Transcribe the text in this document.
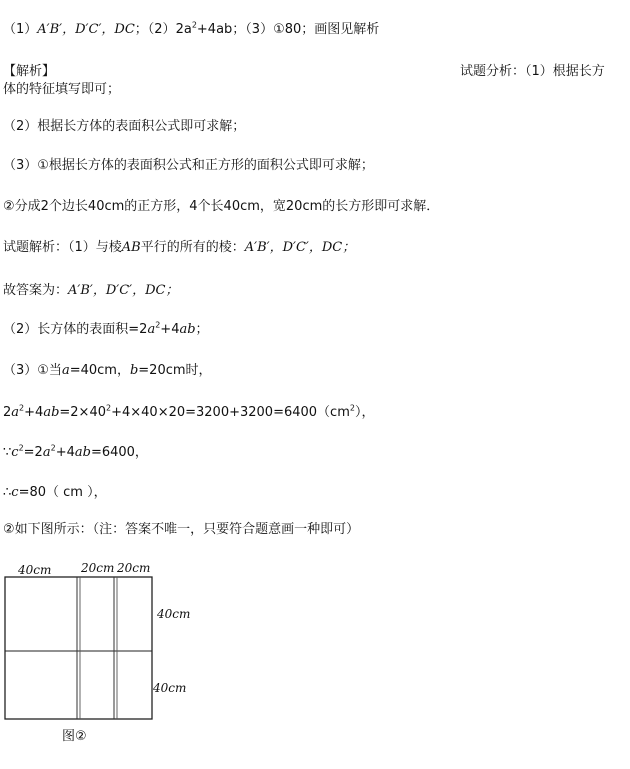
（1）A′B′，D′C′，DC；$(2)2a^2+4ab$；（3）①80；画图见解析
【解析】	试题分析：（1）根据长方
体的特征填写即可；
（2）根据长方体的表面积公式即可求解；
（3）①根据长方体的表面积公式和正方形的面积公式即可求解；
②分成2个边长40cm的正方形，4个长40cm，宽20cm的长方形即可求解．
试题解析：（1）与棱AB平行的所有的棱：A′B′，D′C′，DC；
故答案为：A′B′，D′C′，DC；
（2）长方体的表面积$=2a^2+4ab$；
（3）①当a=40cm，b=20cm时，
$2a^2+4ab=2\times 40^2+4\times 40\times 20=3200+3200=6400(cm^2)$，
$\because c^2=2a^2+4ab=6400$，
∴c=80（ cm ），
②如下图所示：（注：答案不唯一，只要符合题意画一种即可）
40cm 20cm 20cm
40cm
40cm
图②
